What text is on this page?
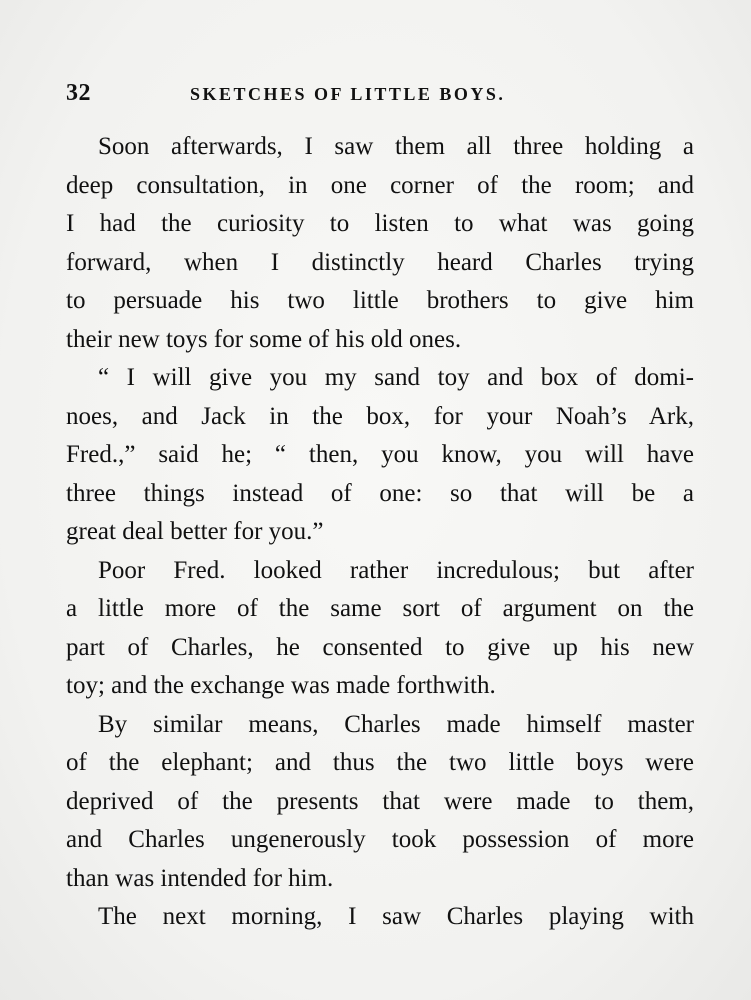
32	SKETCHES OF LITTLE BOYS.
Soon afterwards, I saw them all three holding a
deep consultation, in one corner of the room; and
I had the curiosity to listen to what was going
forward, when I distinctly heard Charles trying
to persuade his two little brothers to give him
their new toys for some of his old ones.
“ I will give you my sand toy and box of domi-
noes, and Jack in the box, for your Noah’s Ark,
Fred.,” said he; “ then, you know, you will have
three things instead of one: so that will be a
great deal better for you.”
Poor Fred. looked rather incredulous; but after
a little more of the same sort of argument on the
part of Charles, he consented to give up his new
toy; and the exchange was made forthwith.
By similar means, Charles made himself master
of the elephant; and thus the two little boys were
deprived of the presents that were made to them,
and Charles ungenerously took possession of more
than was intended for him.
The next morning, I saw Charles playing with
